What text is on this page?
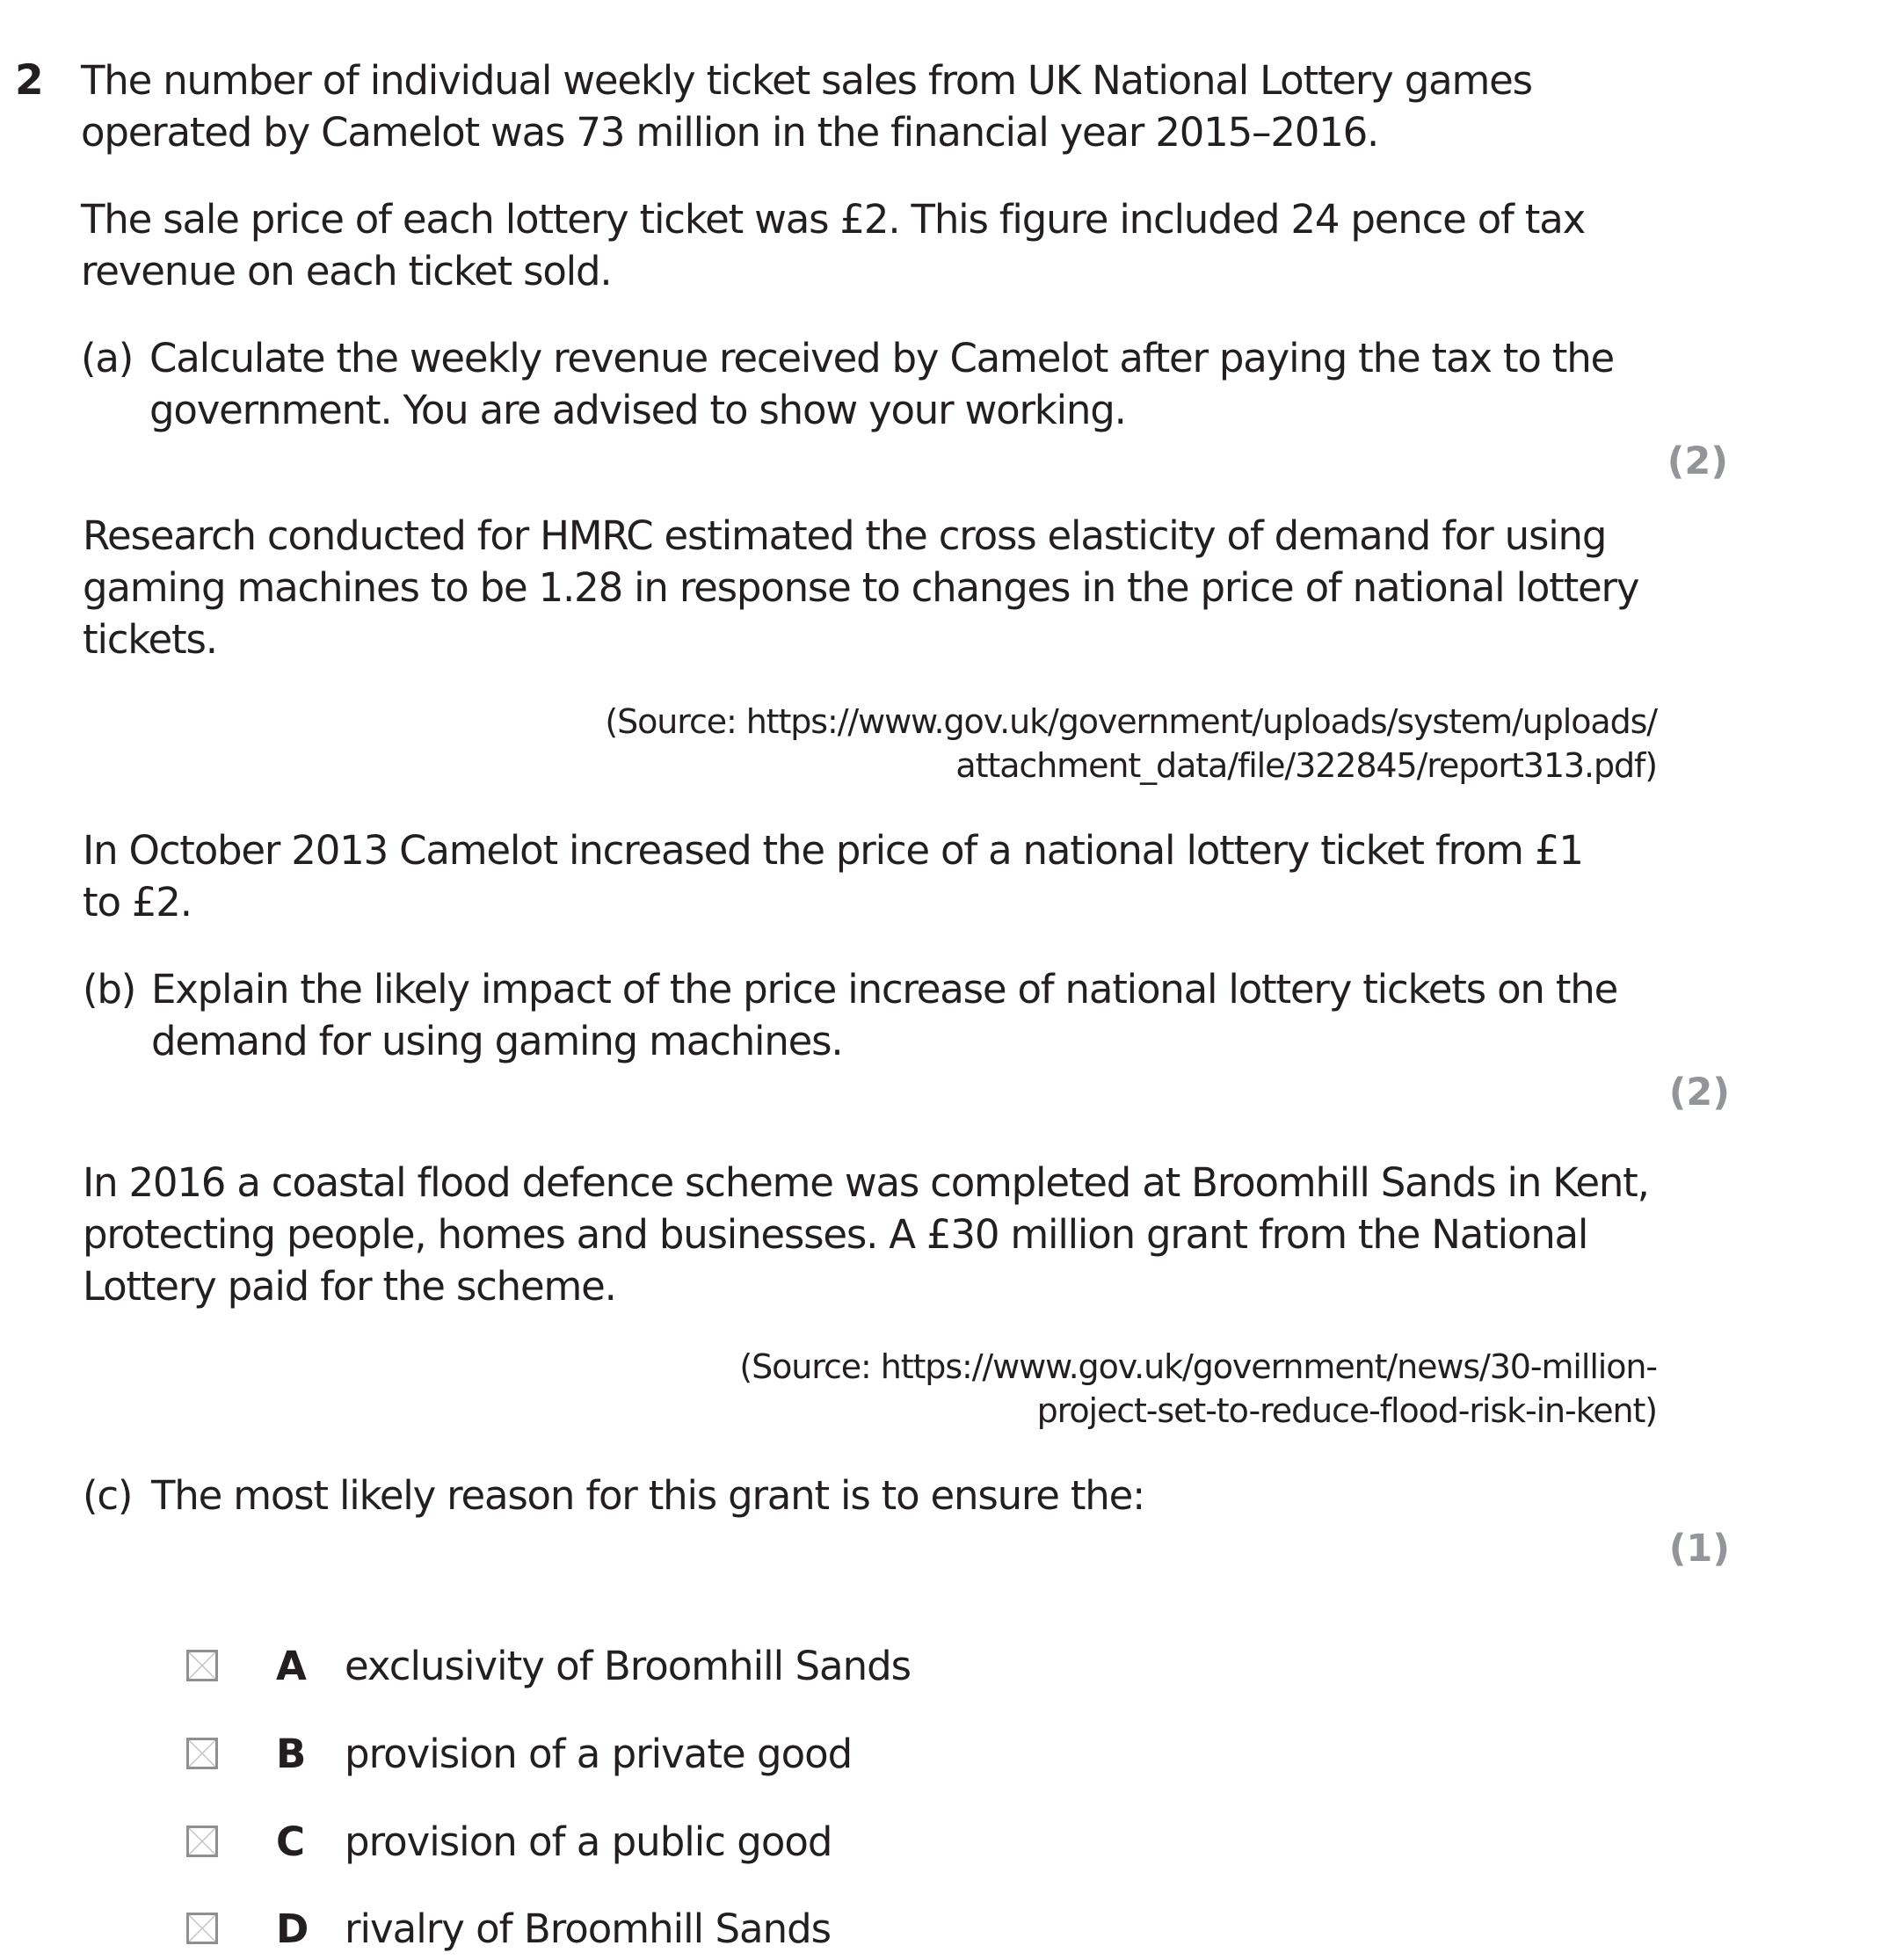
2 The number of individual weekly ticket sales from UK National Lottery games
operated by Camelot was 73 million in the financial year 2015–2016.
The sale price of each lottery ticket was £2. This figure included 24 pence of tax
revenue on each ticket sold.
(a) Calculate the weekly revenue received by Camelot after paying the tax to the
government. You are advised to show your working.
(2)
Research conducted for HMRC estimated the cross elasticity of demand for using
gaming machines to be 1.28 in response to changes in the price of national lottery
tickets.
(Source: https://www.gov.uk/government/uploads/system/uploads/
attachment_data/file/322845/report313.pdf)
In October 2013 Camelot increased the price of a national lottery ticket from £1
to £2.
(b) Explain the likely impact of the price increase of national lottery tickets on the
demand for using gaming machines.
(2)
In 2016 a coastal flood defence scheme was completed at Broomhill Sands in Kent,
protecting people, homes and businesses. A £30 million grant from the National
Lottery paid for the scheme.
(Source: https://www.gov.uk/government/news/30-million-
project-set-to-reduce-flood-risk-in-kent)
(c) The most likely reason for this grant is to ensure the:
(1)
A exclusivity of Broomhill Sands
B provision of a private good
C provision of a public good
D rivalry of Broomhill Sands
